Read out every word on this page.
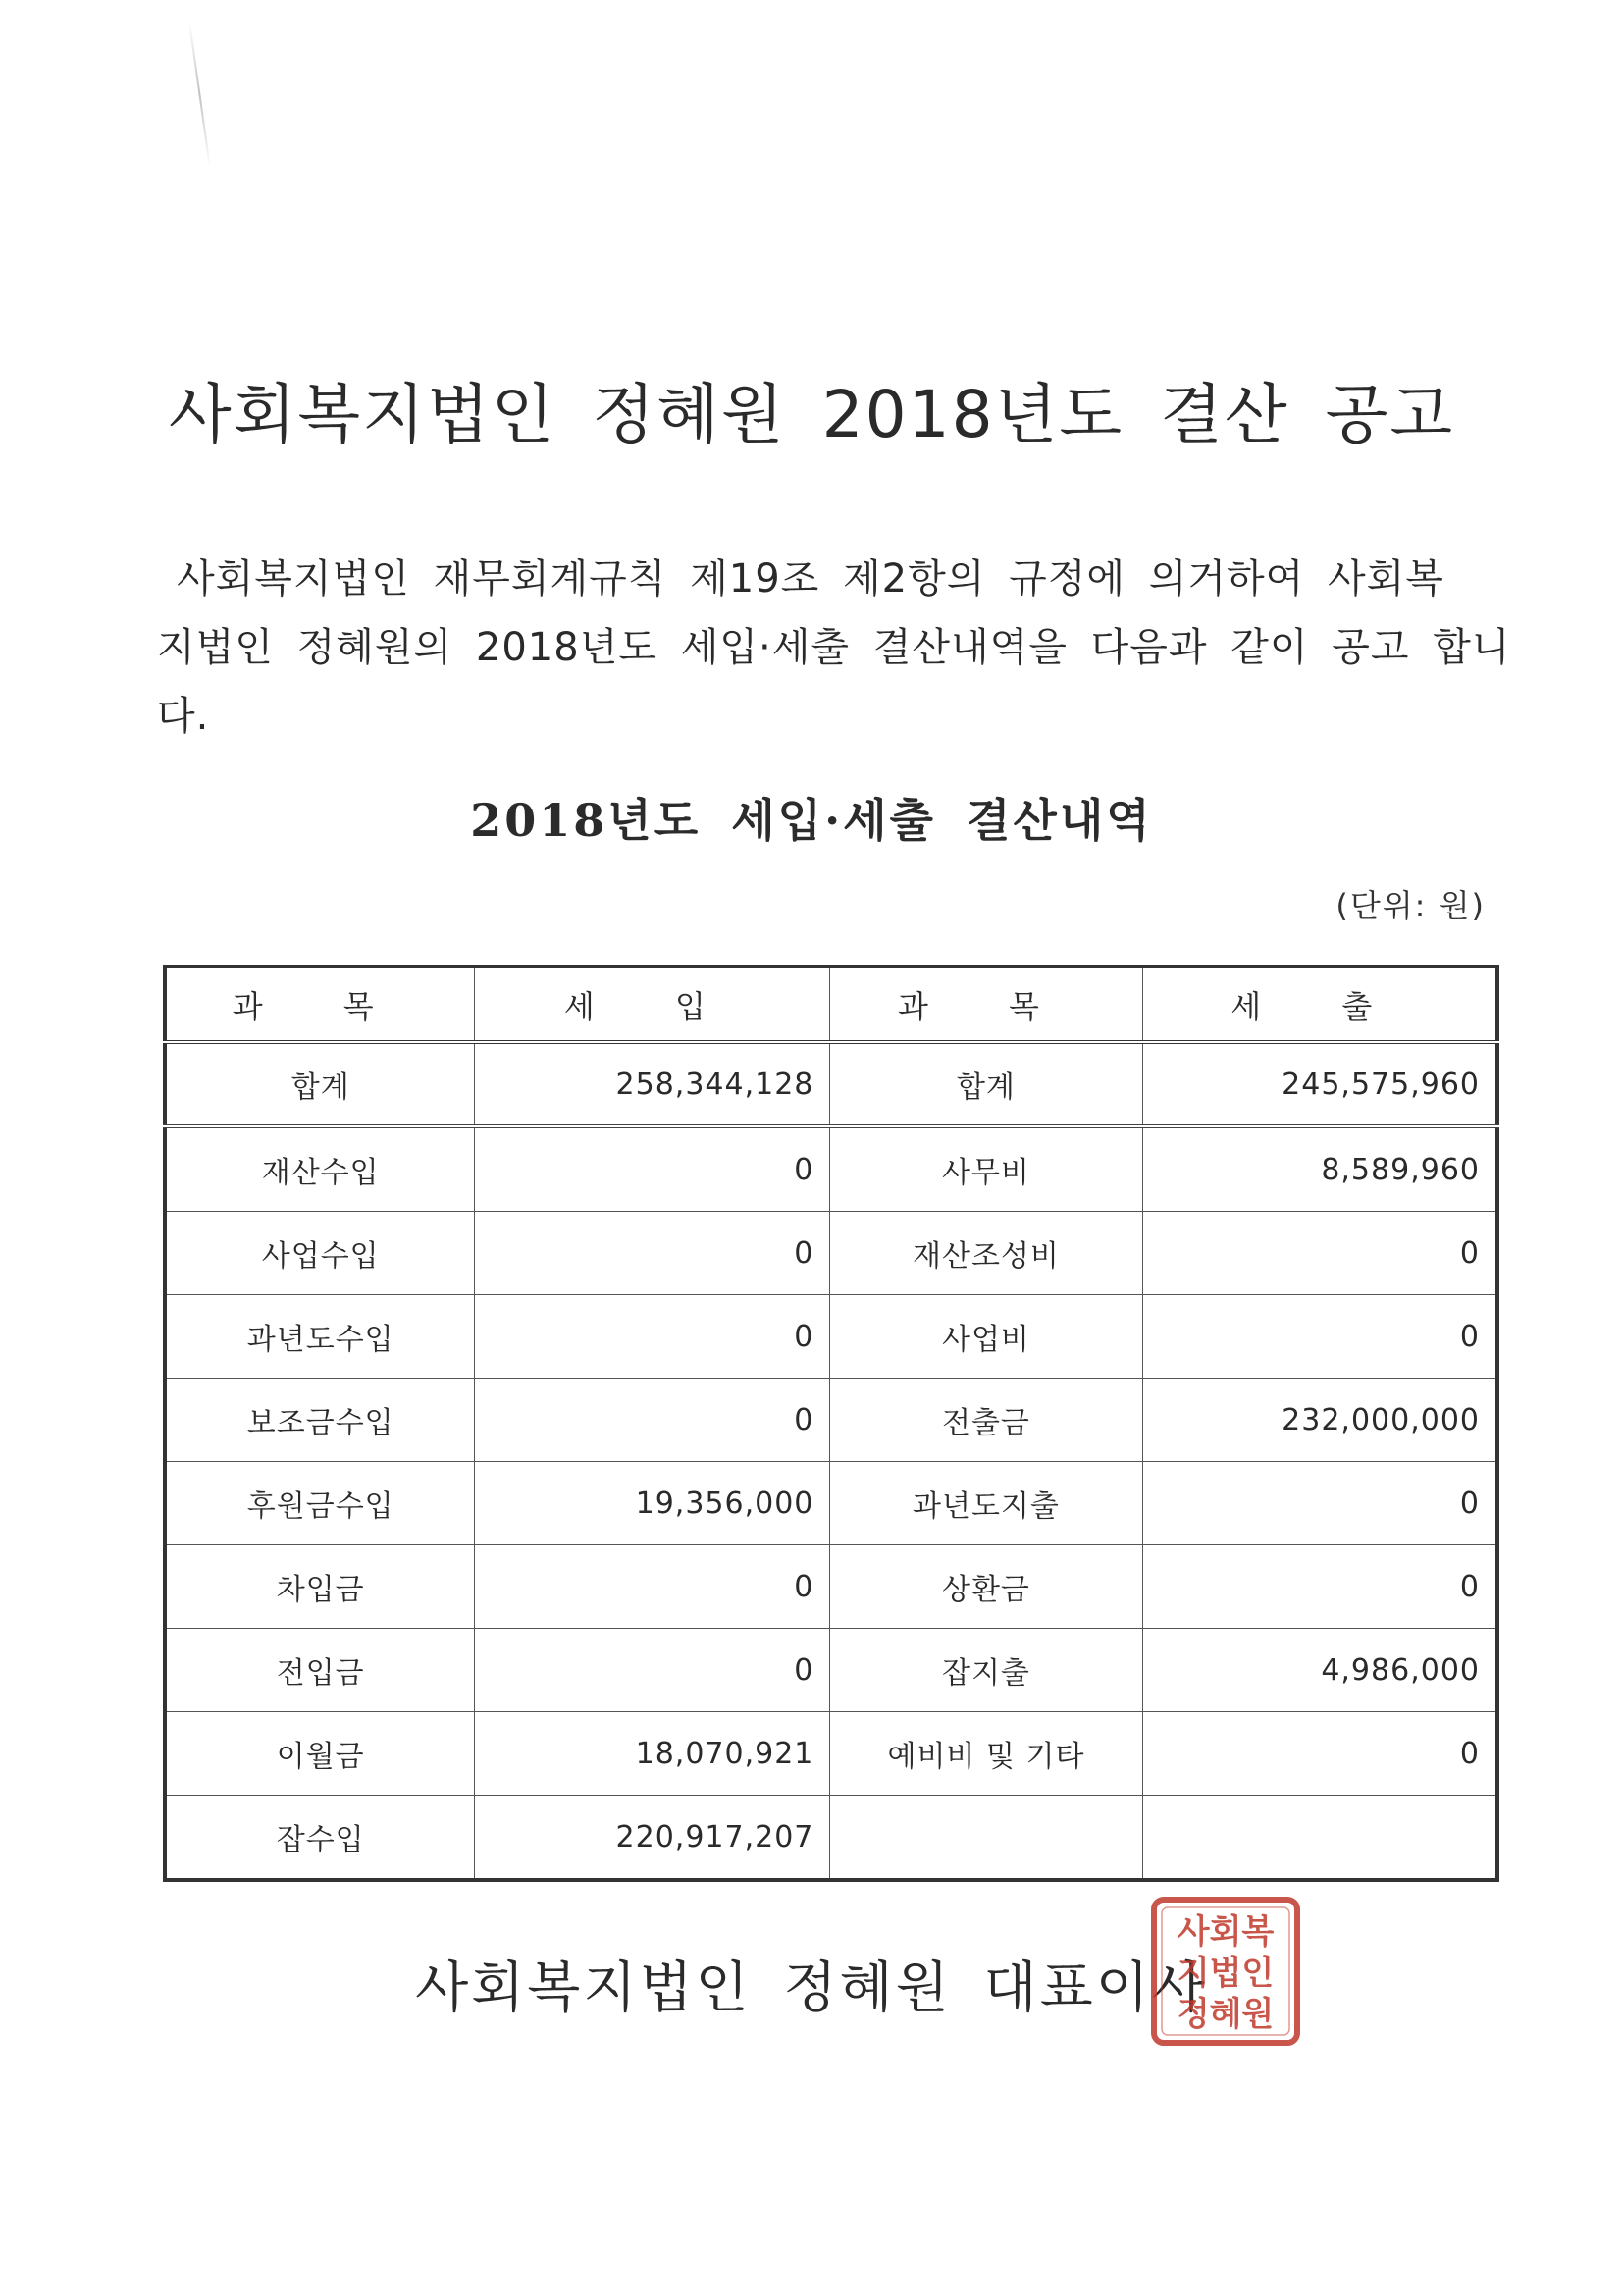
사회복지법인 정혜원 2018년도 결산 공고
사회복지법인 재무회계규칙 제19조 제2항의 규정에 의거하여 사회복
지법인 정혜원의 2018년도 세입·세출 결산내역을 다음과 같이 공고 합니다.
2018년도 세입·세출 결산내역
(단위: 원)
과 목	세 입	과 목	세 출
합계	258,344,128	합계	245,575,960
재산수입	0	사무비	8,589,960
사업수입	0	재산조성비	0
과년도수입	0	사업비	0
보조금수입	0	전출금	232,000,000
후원금수입	19,356,000	과년도지출	0
차입금	0	상환금	0
전입금	0	잡지출	4,986,000
이월금	18,070,921	예비비 및 기타	0
잡수입	220,917,207		
사회복지법인 정혜원 대표이사
사회복
지법인
정혜원
